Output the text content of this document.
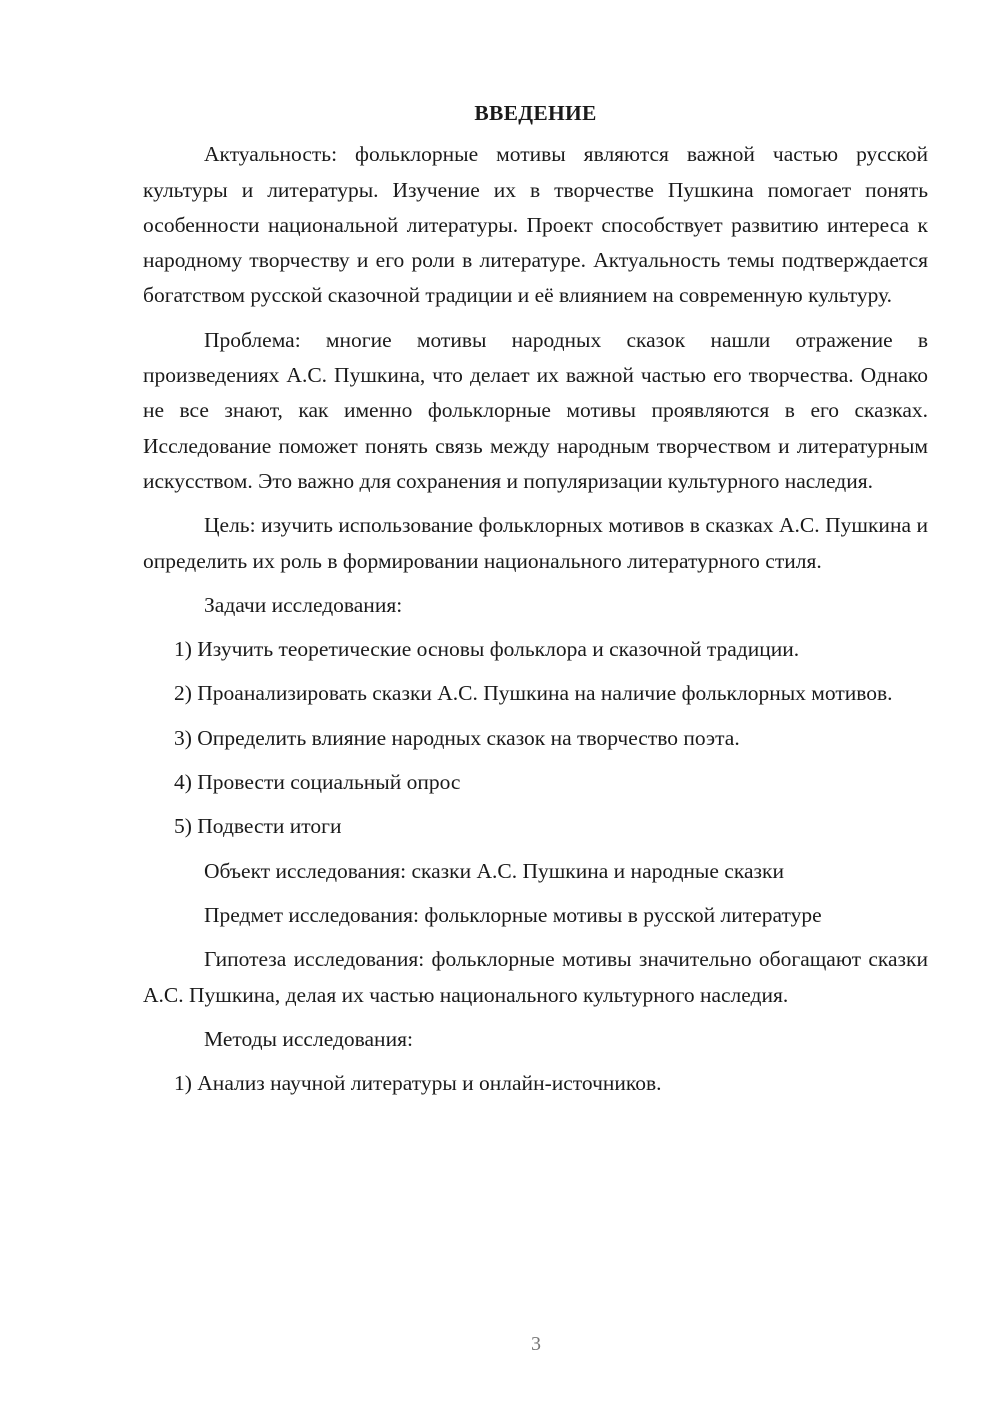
ВВЕДЕНИЕ

Актуальность: фольклорные мотивы являются важной частью русской культуры и литературы. Изучение их в творчестве Пушкина помогает понять особенности национальной литературы. Проект способствует развитию интереса к народному творчеству и его роли в литературе. Актуальность темы подтверждается богатством русской сказочной традиции и её влиянием на современную культуру.

Проблема: многие мотивы народных сказок нашли отражение в произведениях А.С. Пушкина, что делает их важной частью его творчества. Однако не все знают, как именно фольклорные мотивы проявляются в его сказках. Исследование поможет понять связь между народным творчеством и литературным искусством. Это важно для сохранения и популяризации культурного наследия.

Цель: изучить использование фольклорных мотивов в сказках А.С. Пушкина и определить их роль в формировании национального литературного стиля.

Задачи исследования:

1) Изучить теоретические основы фольклора и сказочной традиции.

2) Проанализировать сказки А.С. Пушкина на наличие фольклорных мотивов.

3) Определить влияние народных сказок на творчество поэта.

4) Провести социальный опрос

5) Подвести итоги

Объект исследования: сказки А.С. Пушкина и народные сказки

Предмет исследования: фольклорные мотивы в русской литературе

Гипотеза исследования: фольклорные мотивы значительно обогащают сказки А.С. Пушкина, делая их частью национального культурного наследия.

Методы исследования:

1) Анализ научной литературы и онлайн-источников.

3
